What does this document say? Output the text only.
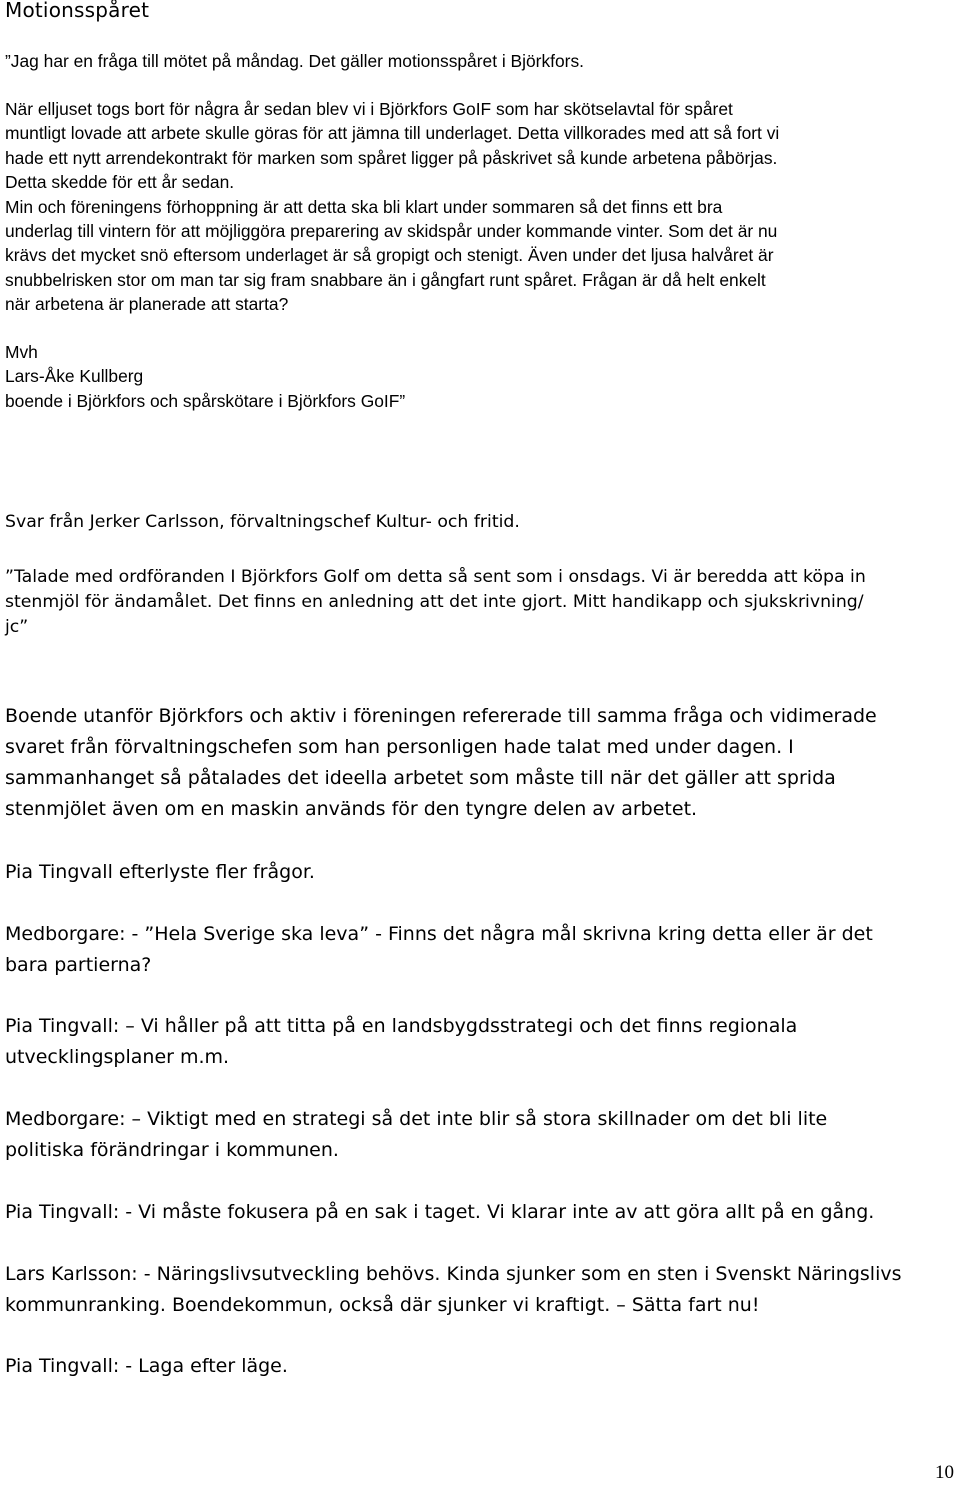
Motionsspåret
”Jag har en fråga till mötet på måndag. Det gäller motionsspåret i Björkfors.
När elljuset togs bort för några år sedan blev vi i Björkfors GoIF som har skötselavtal för spåret
muntligt lovade att arbete skulle göras för att jämna till underlaget. Detta villkorades med att så fort vi
hade ett nytt arrendekontrakt för marken som spåret ligger på påskrivet så kunde arbetena påbörjas.
Detta skedde för ett år sedan.
Min och föreningens förhoppning är att detta ska bli klart under sommaren så det finns ett bra
underlag till vintern för att möjliggöra preparering av skidspår under kommande vinter. Som det är nu
krävs det mycket snö eftersom underlaget är så gropigt och stenigt. Även under det ljusa halvåret är
snubbelrisken stor om man tar sig fram snabbare än i gångfart runt spåret. Frågan är då helt enkelt
när arbetena är planerade att starta?
Mvh
Lars-Åke Kullberg
boende i Björkfors och spårskötare i Björkfors GoIF”
Svar från Jerker Carlsson, förvaltningschef Kultur- och fritid.
”Talade med ordföranden I Björkfors GoIf om detta så sent som i onsdags. Vi är beredda att köpa in
stenmjöl för ändamålet. Det finns en anledning att det inte gjort. Mitt handikapp och sjukskrivning/
jc”
Boende utanför Björkfors och aktiv i föreningen refererade till samma fråga och vidimerade
svaret från förvaltningschefen som han personligen hade talat med under dagen. I
sammanhanget så påtalades det ideella arbetet som måste till när det gäller att sprida
stenmjölet även om en maskin används för den tyngre delen av arbetet.
Pia Tingvall efterlyste fler frågor.
Medborgare: - ”Hela Sverige ska leva” - Finns det några mål skrivna kring detta eller är det
bara partierna?
Pia Tingvall: – Vi håller på att titta på en landsbygdsstrategi och det finns regionala
utvecklingsplaner m.m.
Medborgare: – Viktigt med en strategi så det inte blir så stora skillnader om det bli lite
politiska förändringar i kommunen.
Pia Tingvall: - Vi måste fokusera på en sak i taget. Vi klarar inte av att göra allt på en gång.
Lars Karlsson: - Näringslivsutveckling behövs. Kinda sjunker som en sten i Svenskt Näringslivs
kommunranking. Boendekommun, också där sjunker vi kraftigt. – Sätta fart nu!
Pia Tingvall: - Laga efter läge.
10
